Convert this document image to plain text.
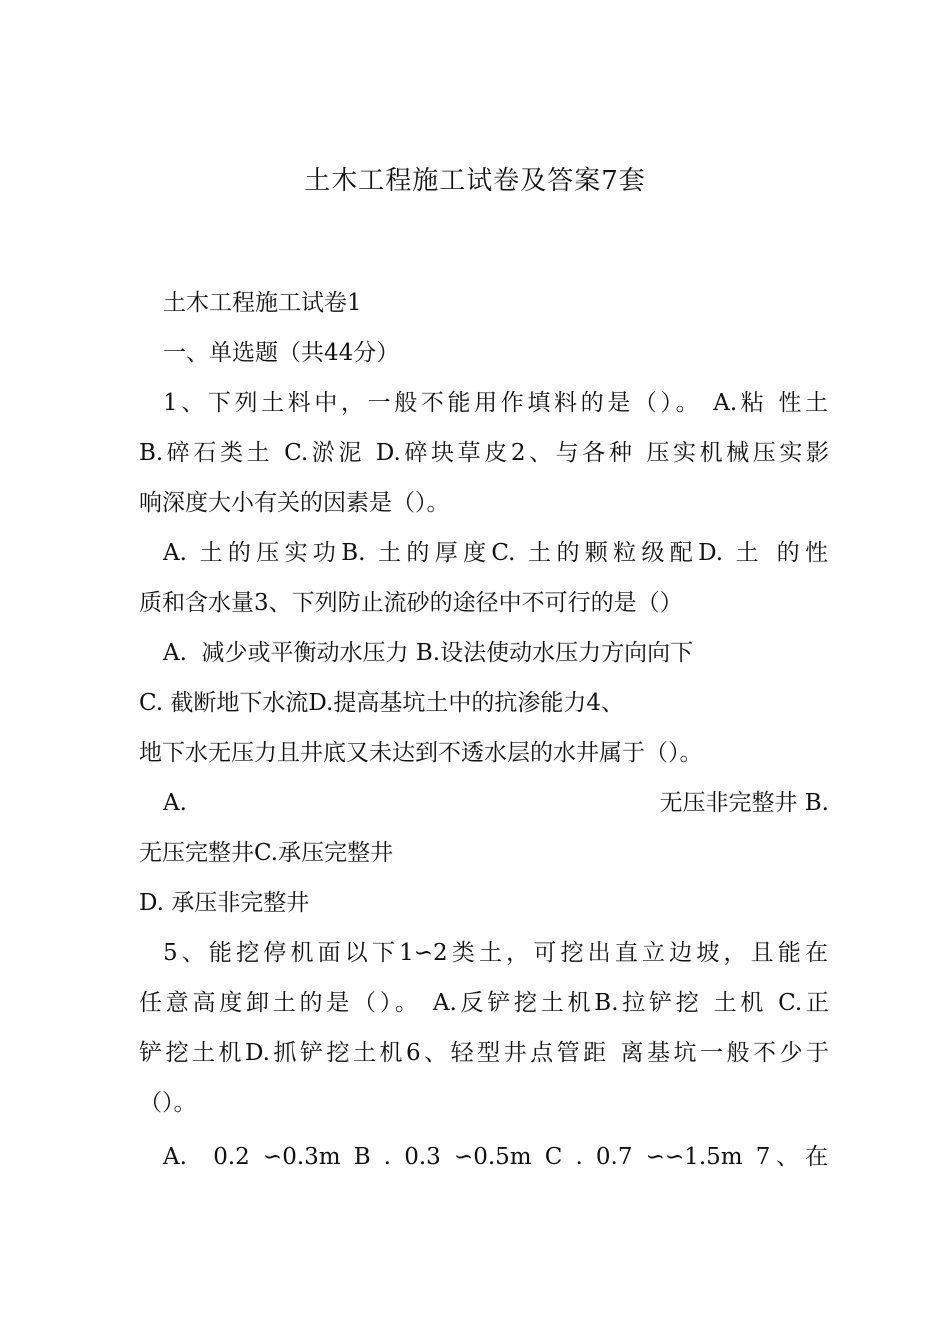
土木工程施工试卷及答案7套
土木工程施工试卷1
一、单选题（共44分）
1、下列土料中，一般不能用作填料的是（）。 A.粘 性土
B.碎石类土 C.淤泥 D.碎块草皮2、与各种 压实机械压实影
响深度大小有关的因素是（）。
A. 土的压实功B. 土的厚度C. 土的颗粒级配D. 土 的性
质和含水量3、下列防止流砂的途径中不可行的是（）
A.  减少或平衡动水压力 B.设法使动水压力方向向下
C. 截断地下水流D.提高基坑土中的抗渗能力4、
地下水无压力且井底又未达到不透水层的水井属于（）。
A.	无压非完整井 B.
无压完整井C.承压完整井
D. 承压非完整井
5、能挖停机面以下1∽2类土，可挖出直立边坡，且能在
任意高度卸土的是（）。 A.反铲挖土机B.拉铲挖 土机 C.正
铲挖土机D.抓铲挖土机6、轻型井点管距 离基坑一般不少于
（）。
A.  0.2 ∽0.3m B . 0.3 ∽0.5m C . 0.7 ∽∽1.5m 7、在
